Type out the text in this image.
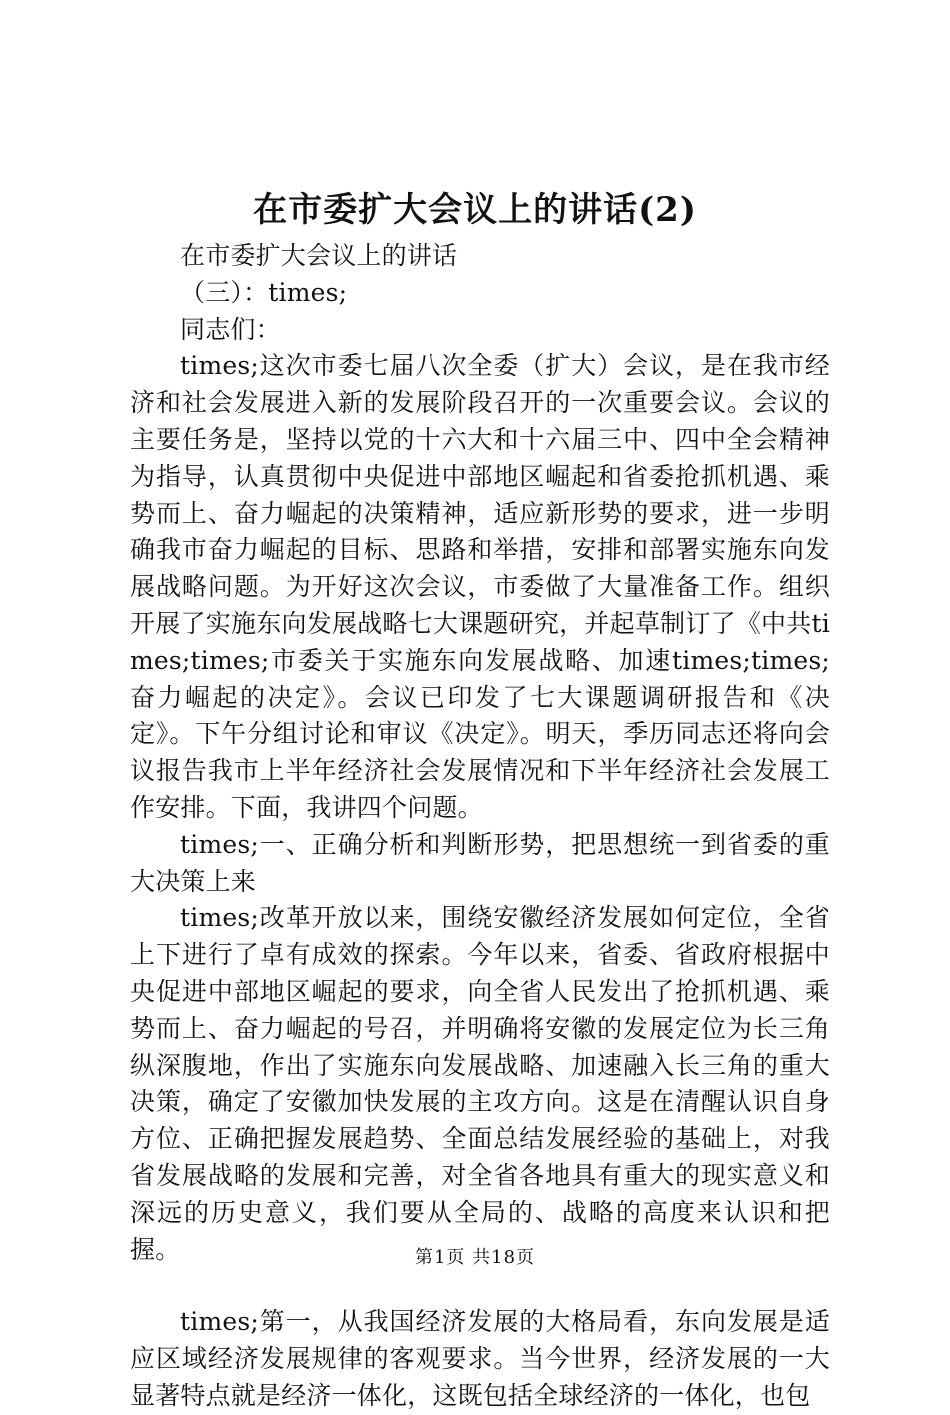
在市委扩大会议上的讲话(2)

在市委扩大会议上的讲话

（三）：times;

同志们：

times;这次市委七届八次全委（扩大）会议，是在我市经济和社会发展进入新的发展阶段召开的一次重要会议。会议的主要任务是，坚持以党的十六大和十六届三中、四中全会精神为指导，认真贯彻中央促进中部地区崛起和省委抢抓机遇、乘势而上、奋力崛起的决策精神，适应新形势的要求，进一步明确我市奋力崛起的目标、思路和举措，安排和部署实施东向发展战略问题。为开好这次会议，市委做了大量准备工作。组织开展了实施东向发展战略七大课题研究，并起草制订了《中共times;times;市委关于实施东向发展战略、加速times;times;奋力崛起的决定》。会议已印发了七大课题调研报告和《决定》。下午分组讨论和审议《决定》。明天，季历同志还将向会议报告我市上半年经济社会发展情况和下半年经济社会发展工作安排。下面，我讲四个问题。

times;一、正确分析和判断形势，把思想统一到省委的重大决策上来

times;改革开放以来，围绕安徽经济发展如何定位，全省上下进行了卓有成效的探索。今年以来，省委、省政府根据中央促进中部地区崛起的要求，向全省人民发出了抢抓机遇、乘势而上、奋力崛起的号召，并明确将安徽的发展定位为长三角纵深腹地，作出了实施东向发展战略、加速融入长三角的重大决策，确定了安徽加快发展的主攻方向。这是在清醒认识自身方位、正确把握发展趋势、全面总结发展经验的基础上，对我省发展战略的发展和完善，对全省各地具有重大的现实意义和深远的历史意义，我们要从全局的、战略的高度来认识和把握。

times;第一，从我国经济发展的大格局看，东向发展是适应区域经济发展规律的客观要求。当今世界，经济发展的一大显著特点就是经济一体化，这既包括全球经济的一体化，也包

第1页 共18页
